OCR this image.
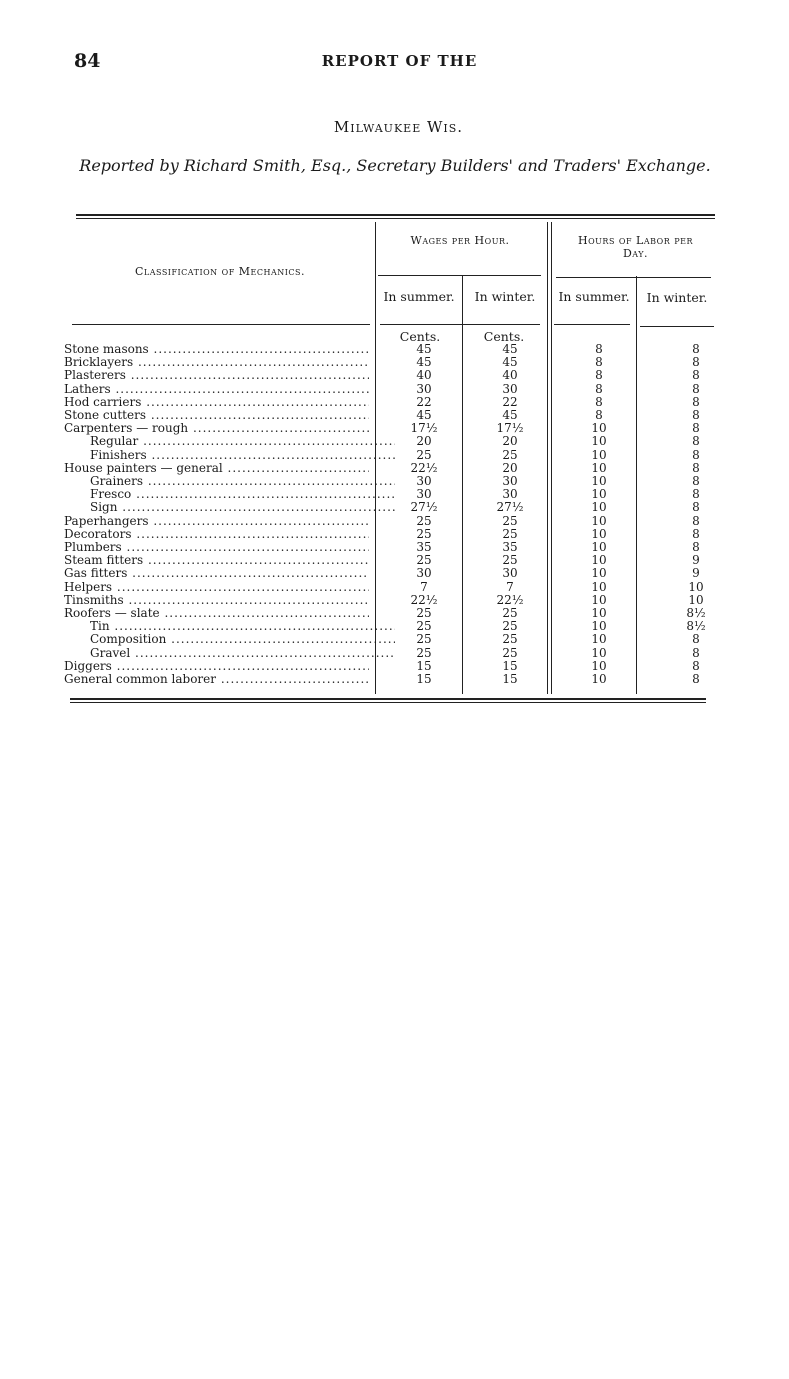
84	REPORT OF THE
Milwaukee Wis.
Reported by Richard Smith, Esq., Secretary Builders' and Traders' Exchange.
Classification of Mechanics.
Wages per Hour.	Hours of Labor per Day.
In summer.	In winter.	In summer.	In winter.
Cents.	Cents.
Stone masons .....	45	45	8	8
Bricklayers .....	45	45	8	8
Plasterers .....	40	40	8	8
Lathers .....	30	30	8	8
Hod carriers .....	22	22	8	8
Stone cutters .....	45	45	8	8
Carpenters — rough .....	17½	17½	10	8
Regular .....	20	20	10	8
Finishers .....	25	25	10	8
House painters — general .....	22½	20	10	8
Grainers .....	30	30	10	8
Fresco .....	30	30	10	8
Sign .....	27½	27½	10	8
Paperhangers .....	25	25	10	8
Decorators .....	25	25	10	8
Plumbers .....	35	35	10	8
Steam fitters .....	25	25	10	9
Gas fitters .....	30	30	10	9
Helpers .....	7	7	10	10
Tinsmiths .....	22½	22½	10	10
Roofers — slate .....	25	25	10	8½
Tin .....	25	25	10	8½
Composition .....	25	25	10	8
Gravel .....	25	25	10	8
Diggers .....	15	15	10	8
General common laborer .....	15	15	10	8
